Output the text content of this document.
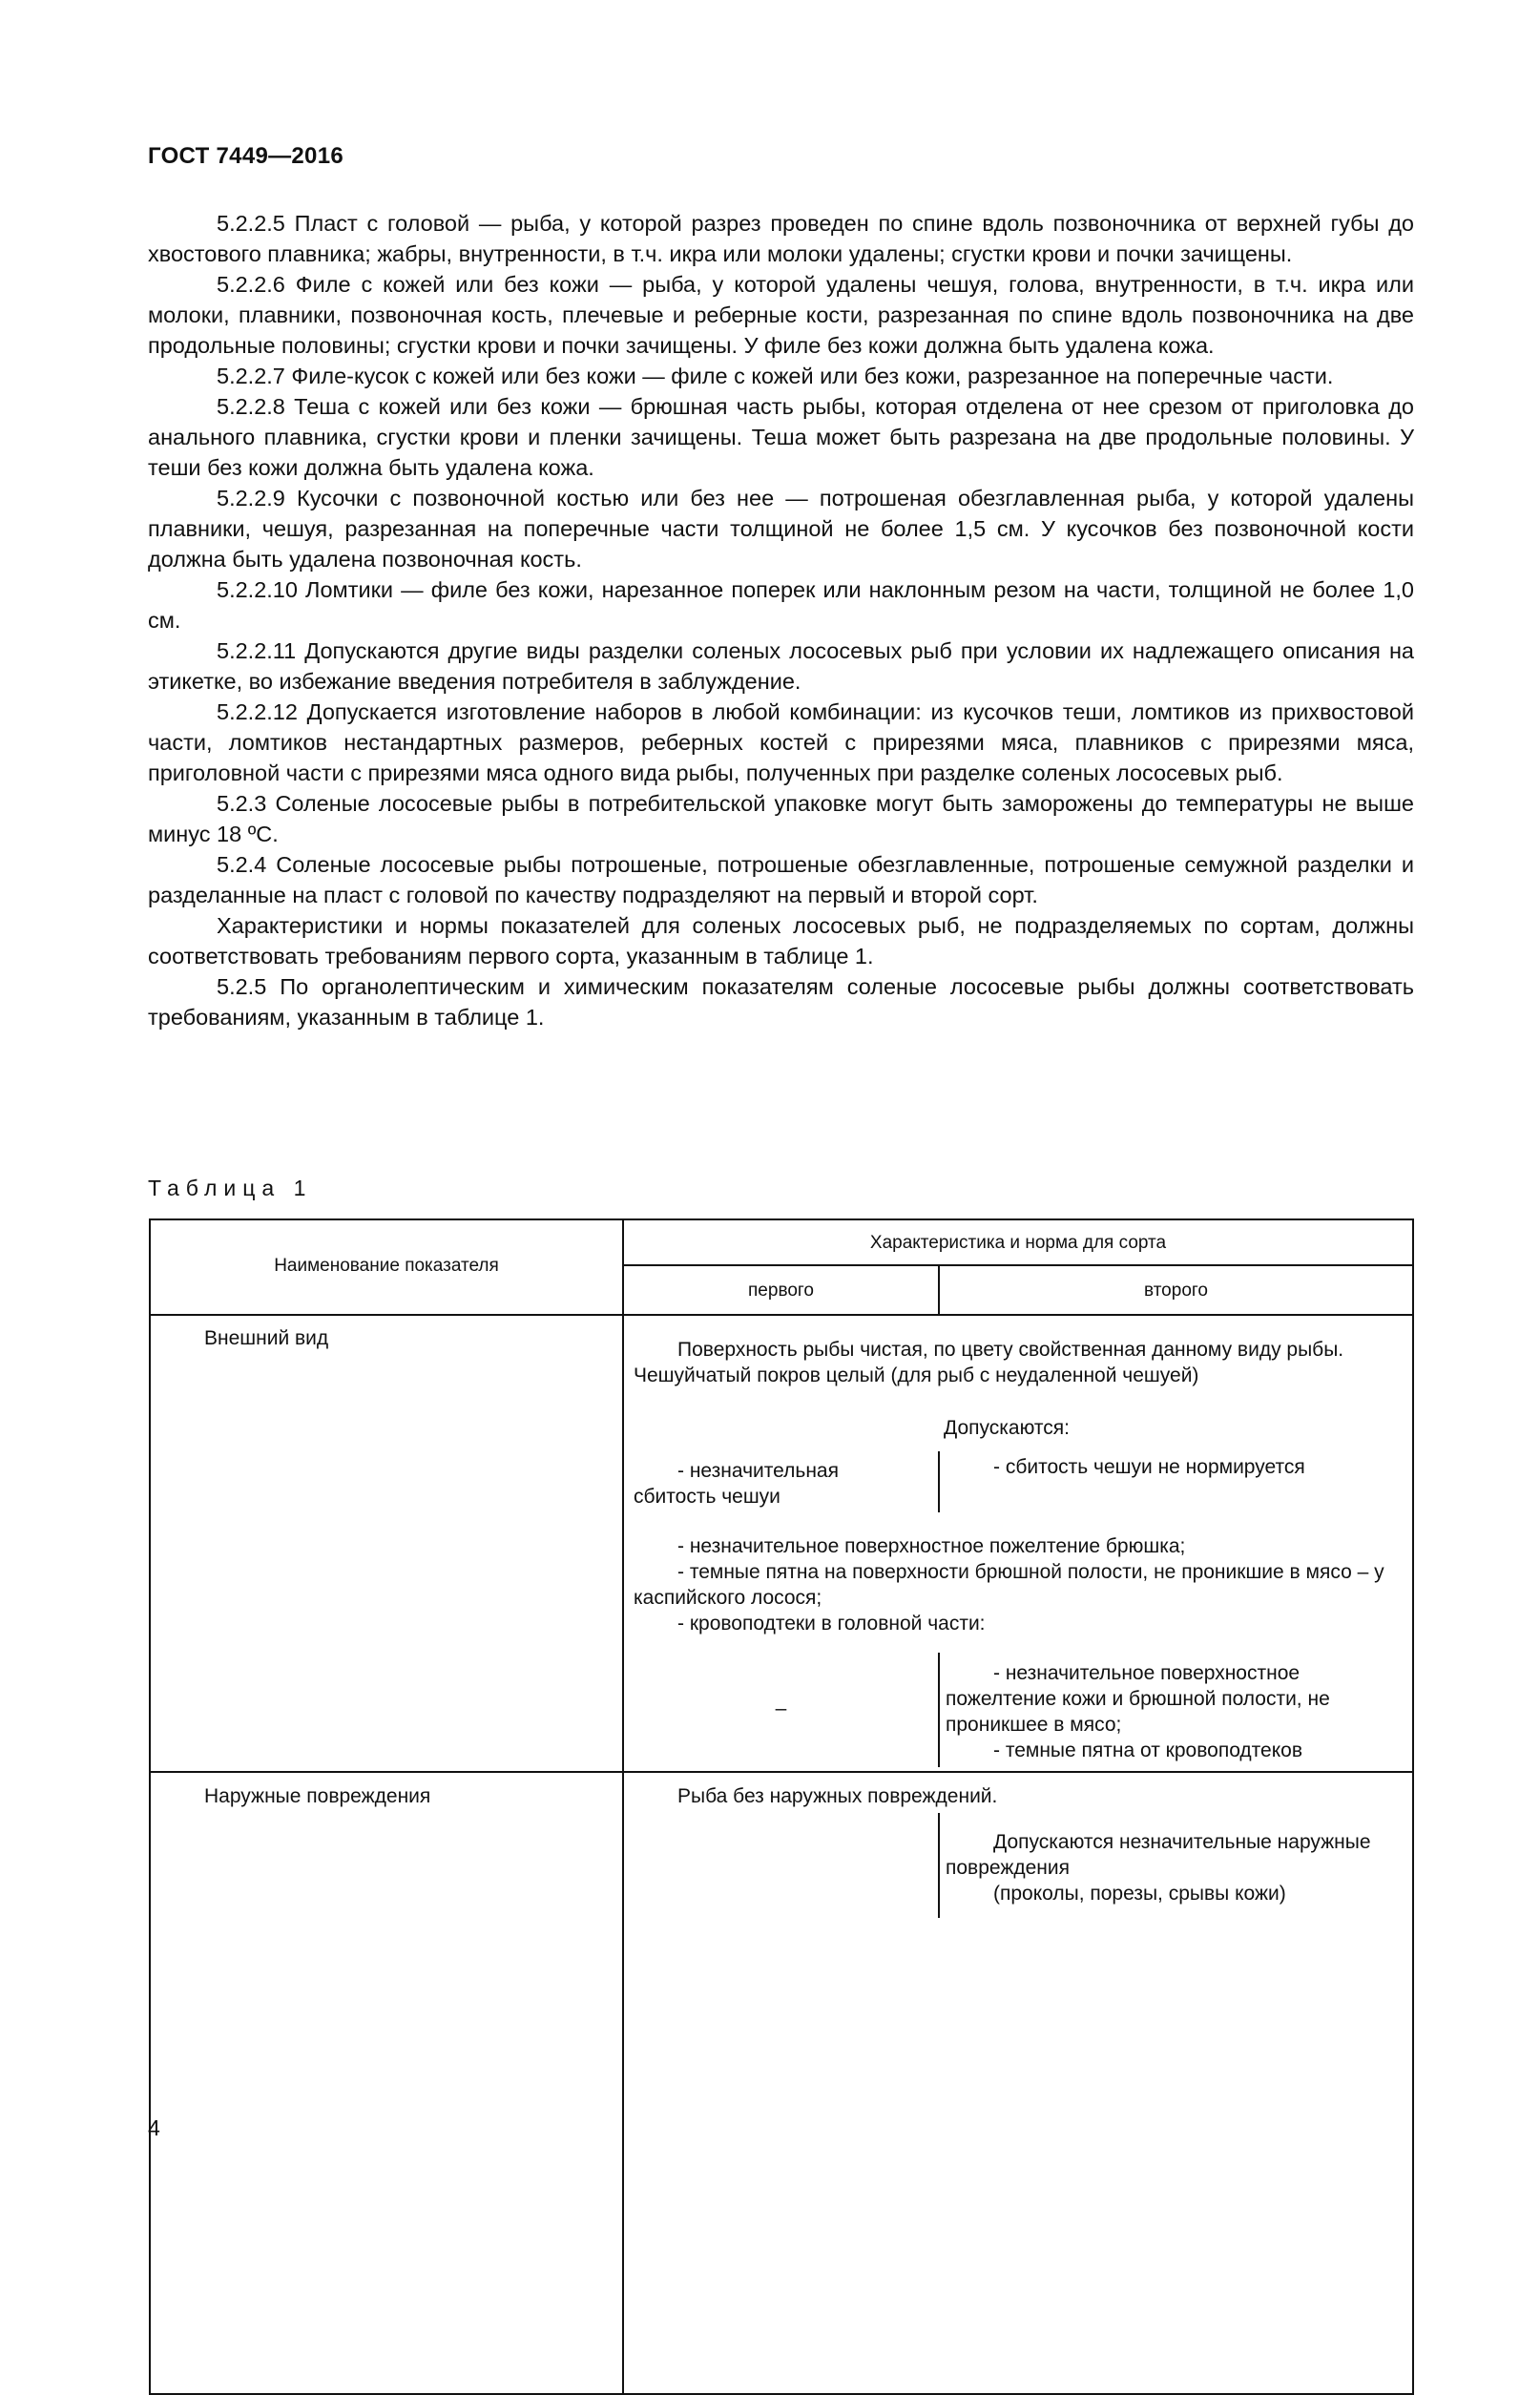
ГОСТ 7449—2016

5.2.2.5 Пласт с головой — рыба, у которой разрез проведен по спине вдоль позвоночника от верхней губы до хвостового плавника; жабры, внутренности, в т.ч. икра или молоки удалены; сгустки крови и почки зачищены.

5.2.2.6 Филе с кожей или без кожи — рыба, у которой удалены чешуя, голова, внутренности, в т.ч. икра или молоки, плавники, позвоночная кость, плечевые и реберные кости, разрезанная по спине вдоль позвоночника на две продольные половины; сгустки крови и почки зачищены. У филе без кожи должна быть удалена кожа.

5.2.2.7 Филе-кусок с кожей или без кожи — филе с кожей или без кожи, разрезанное на поперечные части.

5.2.2.8 Теша с кожей или без кожи — брюшная часть рыбы, которая отделена от нее срезом от приголовка до анального плавника, сгустки крови и пленки зачищены. Теша может быть разрезана на две продольные половины. У теши без кожи должна быть удалена кожа.

5.2.2.9 Кусочки с позвоночной костью или без нее — потрошеная обезглавленная рыба, у которой удалены плавники, чешуя, разрезанная на поперечные части толщиной не более 1,5 см. У кусочков без позвоночной кости должна быть удалена позвоночная кость.

5.2.2.10 Ломтики — филе без кожи, нарезанное поперек или наклонным резом на части, толщиной не более 1,0 см.

5.2.2.11 Допускаются другие виды разделки соленых лососевых рыб при условии их надлежащего описания на этикетке, во избежание введения потребителя в заблуждение.

5.2.2.12 Допускается изготовление наборов в любой комбинации: из кусочков теши, ломтиков из прихвостовой части, ломтиков нестандартных размеров, реберных костей с прирезями мяса, плавников с прирезями мяса, приголовной части с прирезями мяса одного вида рыбы, полученных при разделке соленых лососевых рыб.

5.2.3 Соленые лососевые рыбы в потребительской упаковке могут быть заморожены до температуры не выше минус 18 ºС.

5.2.4 Соленые лососевые рыбы потрошеные, потрошеные обезглавленные, потрошеные семужной разделки и разделанные на пласт с головой по качеству подразделяют на первый и второй сорт.

Характеристики и нормы показателей для соленых лососевых рыб, не подразделяемых по сортам, должны соответствовать требованиям первого сорта, указанным в таблице 1.

5.2.5 По органолептическим и химическим показателям соленые лососевые рыбы должны соответствовать требованиям, указанным в таблице 1.

Таблица 1
Наименование показателя
Характеристика и норма для сорта
первого	второго
Внешний вид
Поверхность рыбы чистая, по цвету свойственная данному виду рыбы. Чешуйчатый покров целый (для рыб с неудаленной чешуей)
Допускаются:
- незначительная сбитость чешуи
- сбитость чешуи не нормируется
- незначительное поверхностное пожелтение брюшка;
- темные пятна на поверхности брюшной полости, не проникшие в мясо – у каспийского лосося;
- кровоподтеки в головной части:
–
- незначительное поверхностное пожелтение кожи и брюшной полости, не проникшее в мясо;
- темные пятна от кровоподтеков
Наружные повреждения	Рыба без наружных повреждений.
Допускаются незначительные наружные повреждения
(проколы, порезы, срывы кожи)
4
